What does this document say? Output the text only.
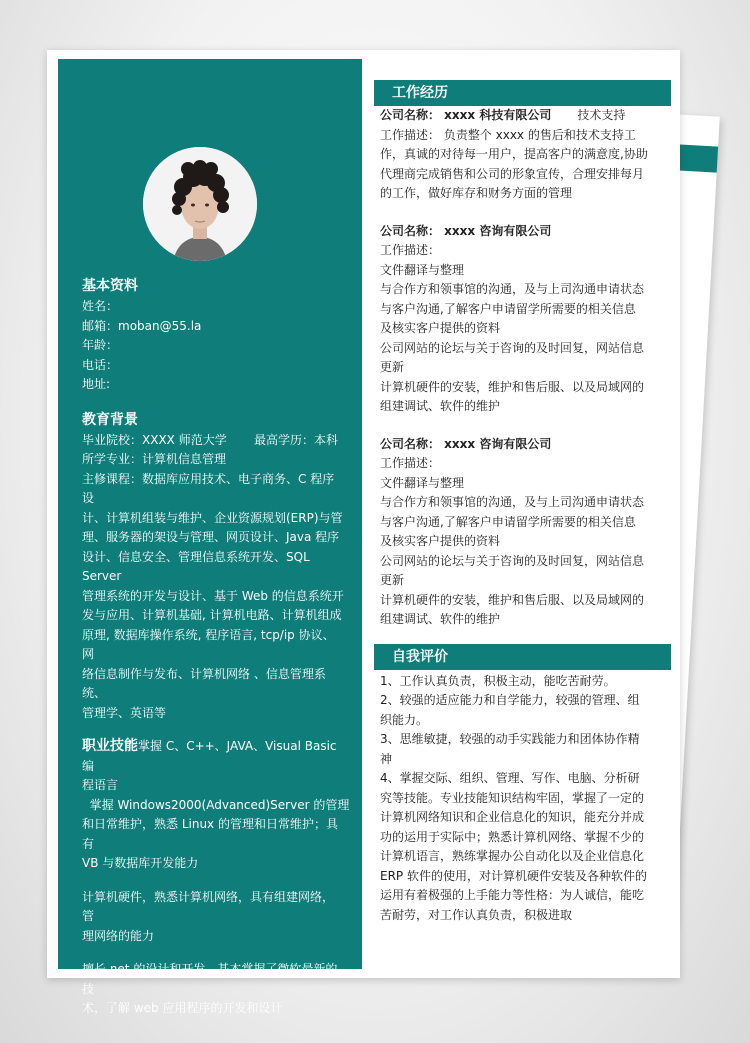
基本资料
姓名：
邮箱：moban@55.la
年龄：
电话：
地址:
教育背景
毕业院校：XXXX 师范大学	最高学历：本科
所学专业：计算机信息管理
主修课程：数据库应用技术、电子商务、C 程序设
计、计算机组装与维护、企业资源规划(ERP)与管
理、服务器的架设与管理、网页设计、Java 程序
设计、信息安全、管理信息系统开发、SQL Server
管理系统的开发与设计、基于 Web 的信息系统开
发与应用、计算机基础, 计算机电路、计算机组成
原理, 数据库操作系统, 程序语言, tcp/ip 协议、网
络信息制作与发布、计算机网络 、信息管理系统、
管理学、英语等
职业技能掌握 C、C++、JAVA、Visual Basic 编
程语言
掌握 Windows2000(Advanced)Server 的管理
和日常维护，熟悉 Linux 的管理和日常维护；具有
VB 与数据库开发能力
计算机硬件，熟悉计算机网络，具有组建网络，管
理网络的能力
擅长.net 的设计和开发，基本掌握了微软最新的技
术，了解 web 应用程序的开发和设计
工作经历
公司名称： xxxx 科技有限公司 技术支持
工作描述： 负责整个 xxxx 的售后和技术支持工
作，真诚的对待每一用户，提高客户的满意度,协助
代理商完成销售和公司的形象宣传，合理安排每月
的工作，做好库存和财务方面的管理
公司名称： xxxx 咨询有限公司
工作描述：
文件翻译与整理
与合作方和领事馆的沟通，及与上司沟通申请状态
与客户沟通,了解客户申请留学所需要的相关信息
及核实客户提供的资料
公司网站的论坛与关于咨询的及时回复，网站信息
更新
计算机硬件的安装，维护和售后服、以及局域网的
组建调试、软件的维护
公司名称： xxxx 咨询有限公司
工作描述：
文件翻译与整理
与合作方和领事馆的沟通，及与上司沟通申请状态
与客户沟通,了解客户申请留学所需要的相关信息
及核实客户提供的资料
公司网站的论坛与关于咨询的及时回复，网站信息
更新
计算机硬件的安装，维护和售后服、以及局域网的
组建调试、软件的维护
自我评价
1、工作认真负责，积极主动，能吃苦耐劳。
2、较强的适应能力和自学能力，较强的管理、组
织能力。
3、思维敏捷，较强的动手实践能力和团体协作精
神
4、掌握交际、组织、管理、写作、电脑、分析研
究等技能。专业技能知识结构牢固，掌握了一定的
计算机网络知识和企业信息化的知识，能充分并成
功的运用于实际中；熟悉计算机网络、掌握不少的
计算机语言，熟练掌握办公自动化以及企业信息化
ERP 软件的使用，对计算机硬件安装及各种软件的
运用有着极强的上手能力等性格：为人诚信，能吃
苦耐劳，对工作认真负责，积极进取
